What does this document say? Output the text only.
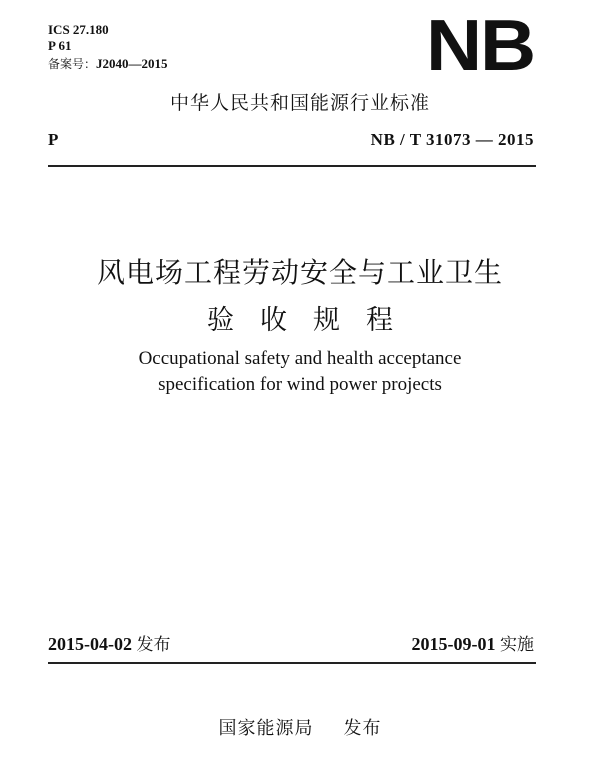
ICS 27.180
P 61
备案号：J2040—2015	NB
中华人民共和国能源行业标准
P	NB / T 31073 — 2015
风电场工程劳动安全与工业卫生
验收规程
Occupational safety and health acceptance
specification for wind power projects
2015-04-02 发布	2015-09-01 实施
国家能源局 发布
